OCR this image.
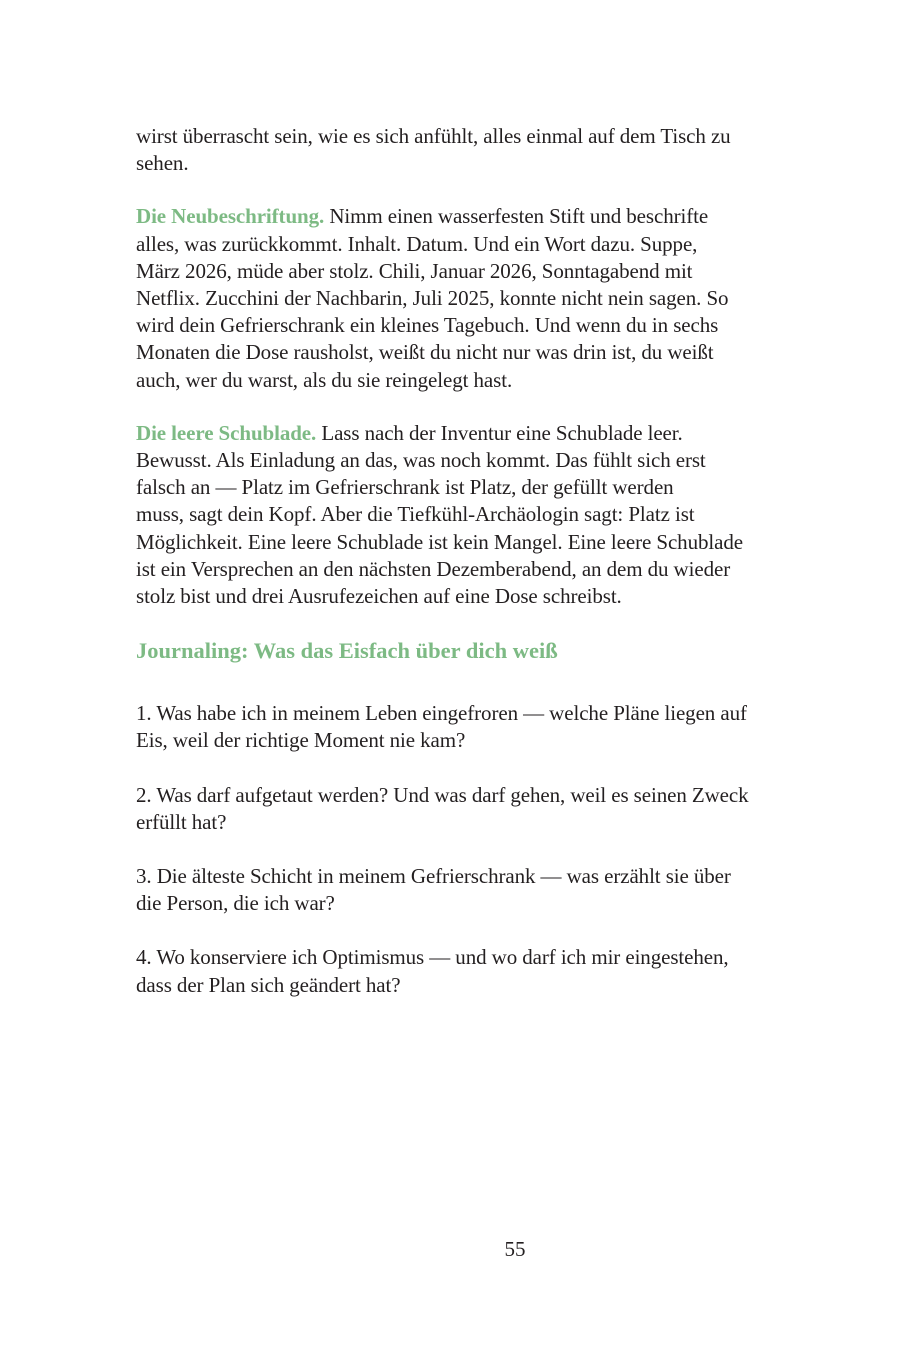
wirst überrascht sein, wie es sich anfühlt, alles einmal auf dem Tisch zu
sehen.

Die Neubeschriftung. Nimm einen wasserfesten Stift und beschrifte
alles, was zurückkommt. Inhalt. Datum. Und ein Wort dazu. Suppe,
März 2026, müde aber stolz. Chili, Januar 2026, Sonntagabend mit
Netflix. Zucchini der Nachbarin, Juli 2025, konnte nicht nein sagen. So
wird dein Gefrierschrank ein kleines Tagebuch. Und wenn du in sechs
Monaten die Dose rausholst, weißt du nicht nur was drin ist, du weißt
auch, wer du warst, als du sie reingelegt hast.

Die leere Schublade. Lass nach der Inventur eine Schublade leer.
Bewusst. Als Einladung an das, was noch kommt. Das fühlt sich erst
falsch an — Platz im Gefrierschrank ist Platz, der gefüllt werden
muss, sagt dein Kopf. Aber die Tiefkühl-Archäologin sagt: Platz ist
Möglichkeit. Eine leere Schublade ist kein Mangel. Eine leere Schublade
ist ein Versprechen an den nächsten Dezemberabend, an dem du wieder
stolz bist und drei Ausrufezeichen auf eine Dose schreibst.

Journaling: Was das Eisfach über dich weiß

1. Was habe ich in meinem Leben eingefroren — welche Pläne liegen auf
Eis, weil der richtige Moment nie kam?

2. Was darf aufgetaut werden? Und was darf gehen, weil es seinen Zweck
erfüllt hat?

3. Die älteste Schicht in meinem Gefrierschrank — was erzählt sie über
die Person, die ich war?

4. Wo konserviere ich Optimismus — und wo darf ich mir eingestehen,
dass der Plan sich geändert hat?

55
